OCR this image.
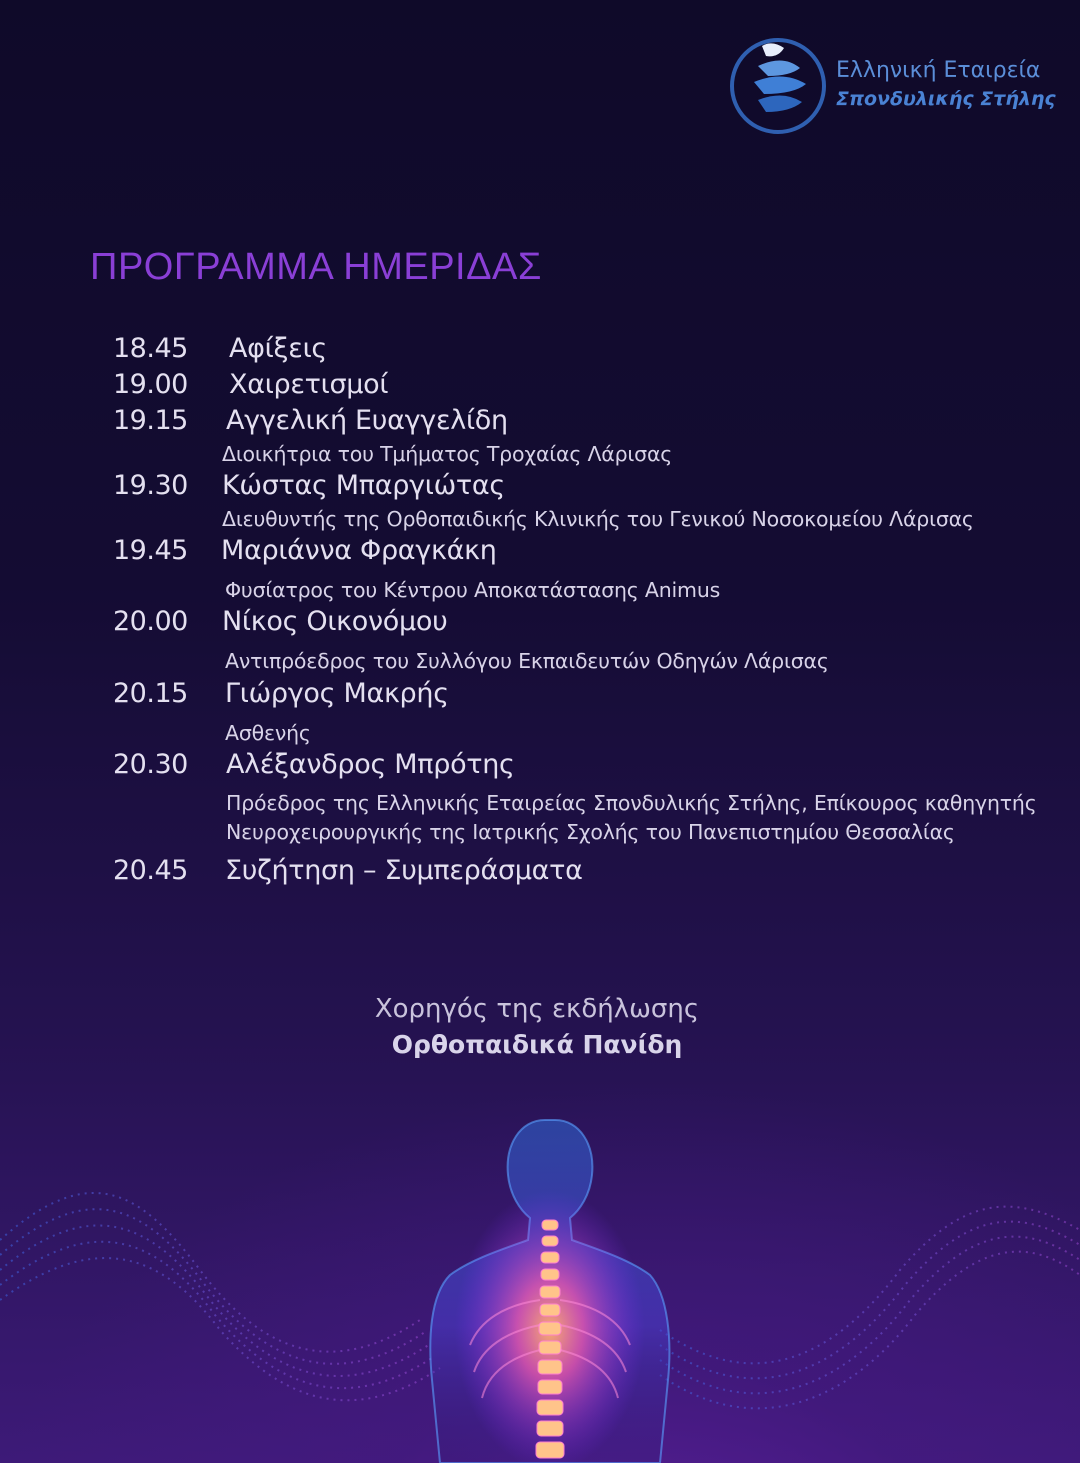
Ελληνική Εταιρεία
Σπονδυλικής Στήλης
ΠΡΟΓΡΑΜΜΑ ΗΜΕΡΙΔΑΣ
18.45 Αφίξεις
19.00 Χαιρετισμοί
19.15 Αγγελική Ευαγγελίδη
Διοικήτρια του Τμήματος Τροχαίας Λάρισας
19.30 Κώστας Μπαργιώτας
Διευθυντής της Ορθοπαιδικής Κλινικής του Γενικού Νοσοκομείου Λάρισας
19.45 Μαριάννα Φραγκάκη
Φυσίατρος του Κέντρου Αποκατάστασης Animus
20.00 Νίκος Οικονόμου
Αντιπρόεδρος του Συλλόγου Εκπαιδευτών Οδηγών Λάρισας
20.15 Γιώργος Μακρής
Ασθενής
20.30 Αλέξανδρος Μπρότης
Πρόεδρος της Ελληνικής Εταιρείας Σπονδυλικής Στήλης, Επίκουρος καθηγητής
Νευροχειρουργικής της Ιατρικής Σχολής του Πανεπιστημίου Θεσσαλίας
20.45 Συζήτηση – Συμπεράσματα
Χορηγός της εκδήλωσης
Ορθοπαιδικά Πανίδη
